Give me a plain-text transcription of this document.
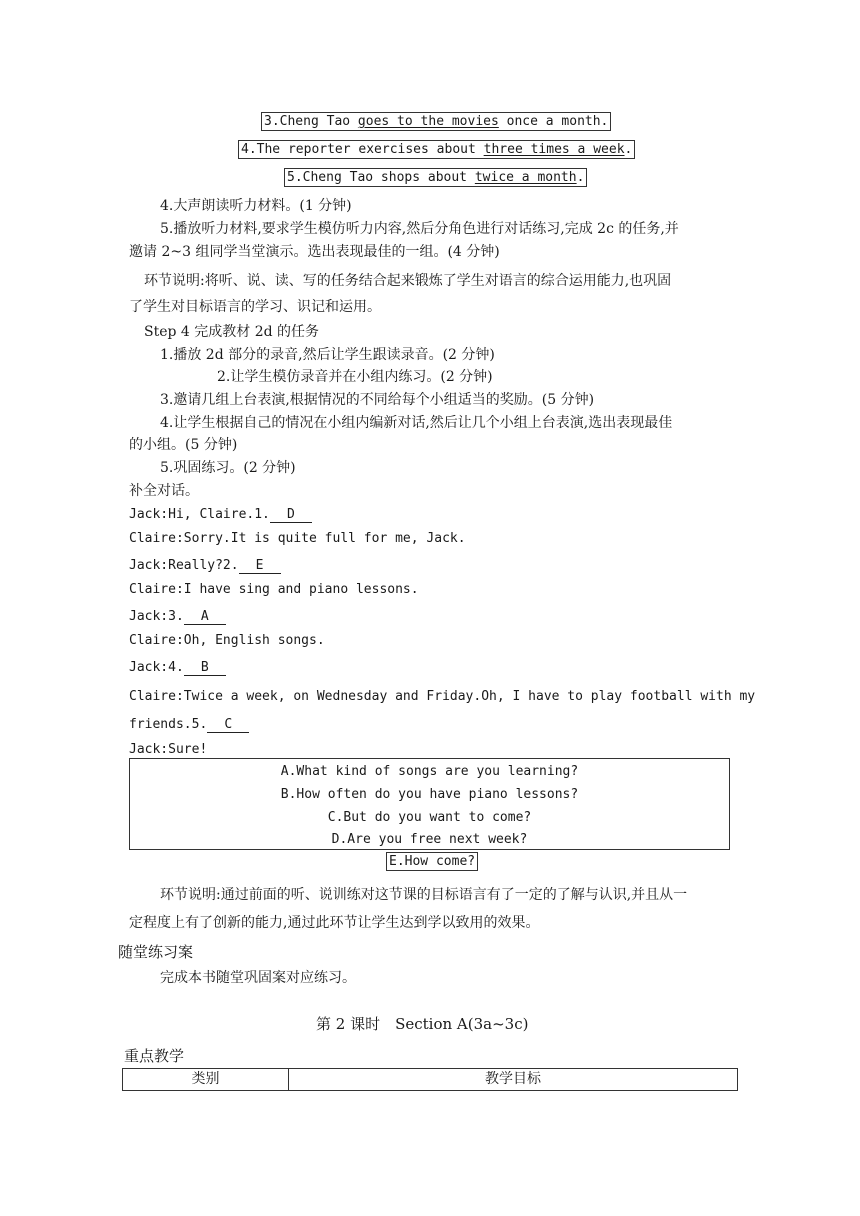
3.Cheng Tao goes to the movies once a month.
4.The reporter exercises about three times a week.
5.Cheng Tao shops about twice a month.
4.大声朗读听力材料。(1 分钟)
5.播放听力材料,要求学生模仿听力内容,然后分角色进行对话练习,完成 2c 的任务,并
邀请 2~3 组同学当堂演示。选出表现最佳的一组。(4 分钟)
环节说明:将听、说、读、写的任务结合起来锻炼了学生对语言的综合运用能力,也巩固
了学生对目标语言的学习、识记和运用。
Step 4 完成教材 2d 的任务
1.播放 2d 部分的录音,然后让学生跟读录音。(2 分钟)
2.让学生模仿录音并在小组内练习。(2 分钟)
3.邀请几组上台表演,根据情况的不同给每个小组适当的奖励。(5 分钟)
4.让学生根据自己的情况在小组内编新对话,然后让几个小组上台表演,选出表现最佳
的小组。(5 分钟)
5.巩固练习。(2 分钟)
补全对话。
Jack:Hi, Claire.1. D
Claire:Sorry.It is quite full for me, Jack.
Jack:Really?2. E
Claire:I have sing and piano lessons.
Jack:3. A
Claire:Oh, English songs.
Jack:4. B
Claire:Twice a week, on Wednesday and Friday.Oh, I have to play football with my
friends.5. C
Jack:Sure!
A.What kind of songs are you learning?
B.How often do you have piano lessons?
C.But do you want to come?
D.Are you free next week?
E.How come?
环节说明:通过前面的听、说训练对这节课的目标语言有了一定的了解与认识,并且从一
定程度上有了创新的能力,通过此环节让学生达到学以致用的效果。
随堂练习案
完成本书随堂巩固案对应练习。
第 2 课时　Section A(3a~3c)
重点教学
类别	教学目标
